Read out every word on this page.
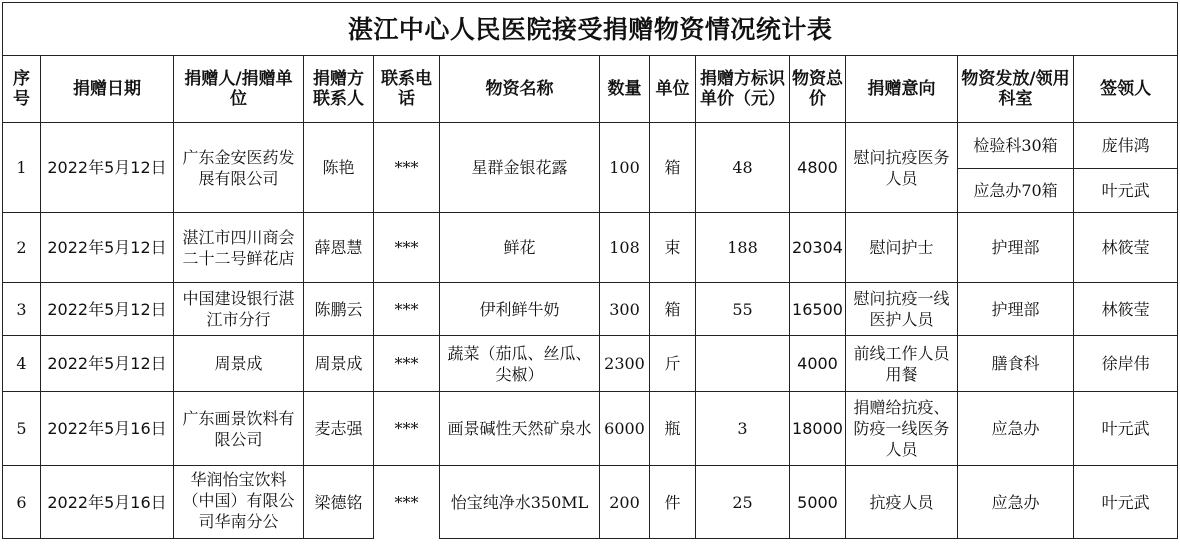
湛江中心人民医院接受捐赠物资情况统计表												
序号	捐赠日期	捐赠人/捐赠单位	捐赠方联系人	联系电话	物资名称	数量	单位	捐赠方标识单价（元）	物资总价	捐赠意向	物资发放/领用科室	签领人
1	2022年5月12日	广东金安医药发展有限公司	陈艳	***	星群金银花露	100	箱	48	4800	慰问抗疫医务人员	检验科30箱	庞伟鸿
											应急办70箱	叶元武
2	2022年5月12日	湛江市四川商会二十二号鲜花店	薛恩慧	***	鲜花	108	束	188	20304	慰问护士	护理部	林筱莹
3	2022年5月12日	中国建设银行湛江市分行	陈鹏云	***	伊利鲜牛奶	300	箱	55	16500	慰问抗疫一线医护人员	护理部	林筱莹
4	2022年5月12日	周景成	周景成	***	蔬菜（茄瓜、丝瓜、尖椒）	2300	斤		4000	前线工作人员用餐	膳食科	徐岸伟
5	2022年5月16日	广东画景饮料有限公司	麦志强	***	画景碱性天然矿泉水	6000	瓶	3	18000	捐赠给抗疫、防疫一线医务人员	应急办	叶元武
6	2022年5月16日	华润怡宝饮料（中国）有限公司华南分公	梁德铭	***	怡宝纯净水350ML	200	件	25	5000	抗疫人员	应急办	叶元武
